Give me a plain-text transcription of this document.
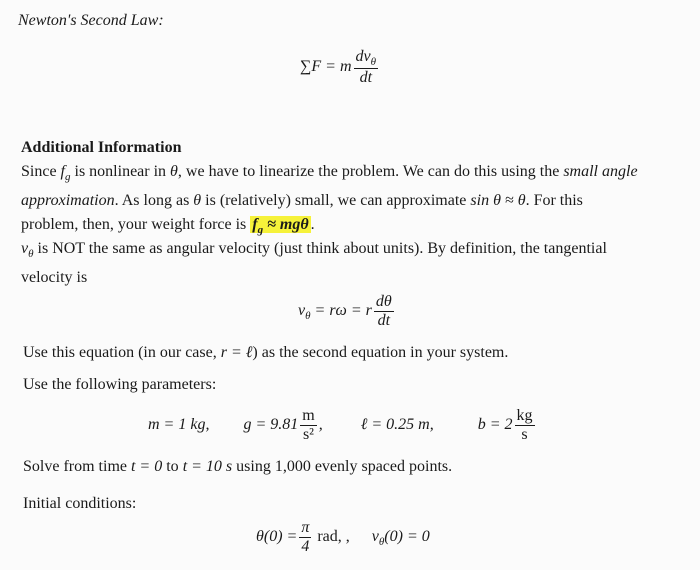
Newton's Second Law:
∑F = m $\frac{dv_\theta}{dt}$
Additional Information
Since $f_g$ is nonlinear in θ, we have to linearize the problem. We can do this using the small angle
approximation. As long as θ is (relatively) small, we can approximate sin θ ≈ θ. For this
problem, then, your weight force is $f_g \approx mg\theta$ .
$v_\theta$ is NOT the same as angular velocity (just think about units). By definition, the tangential
velocity is
$v_\theta = r\omega = r \frac{d\theta}{dt}$
Use this equation (in our case, r = ℓ) as the second equation in your system.
Use the following parameters:
m = 1 kg, $g = 9.81 \frac{m}{\text{s²}}$ , ℓ = 0.25 m,	$b = 2 \frac{kg}{s}$
Solve from time t = 0 to t = 10 s using 1,000 evenly spaced points.
Initial conditions:
$\theta(0) = \frac{\pi}{4}$ rad, , $v_\theta(0) = 0$
